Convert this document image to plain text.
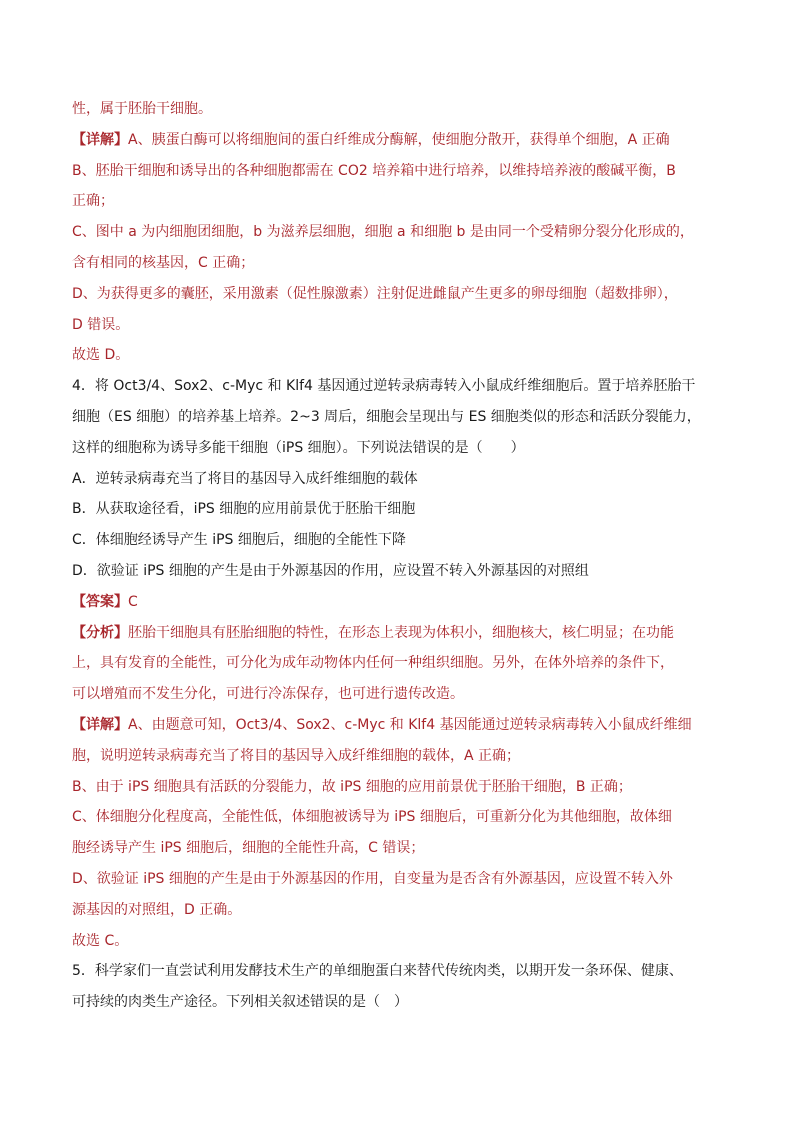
性，属于胚胎干细胞。
【详解】A、胰蛋白酶可以将细胞间的蛋白纤维成分酶解，使细胞分散开，获得单个细胞，A 正确
B、胚胎干细胞和诱导出的各种细胞都需在 CO2 培养箱中进行培养，以维持培养液的酸碱平衡，B
正确；
C、图中 a 为内细胞团细胞，b 为滋养层细胞，细胞 a 和细胞 b 是由同一个受精卵分裂分化形成的，
含有相同的核基因，C 正确；
D、为获得更多的囊胚，采用激素（促性腺激素）注射促进雌鼠产生更多的卵母细胞（超数排卵），
D 错误。
故选 D。
4．将 Oct3/4、Sox2、c-Myc 和 Klf4 基因通过逆转录病毒转入小鼠成纤维细胞后。置于培养胚胎干
细胞（ES 细胞）的培养基上培养。2~3 周后，细胞会呈现出与 ES 细胞类似的形态和活跃分裂能力，
这样的细胞称为诱导多能干细胞（iPS 细胞）。下列说法错误的是（　　）
A．逆转录病毒充当了将目的基因导入成纤维细胞的载体
B．从获取途径看，iPS 细胞的应用前景优于胚胎干细胞
C．体细胞经诱导产生 iPS 细胞后，细胞的全能性下降
D．欲验证 iPS 细胞的产生是由于外源基因的作用，应设置不转入外源基因的对照组
【答案】C
【分析】胚胎干细胞具有胚胎细胞的特性，在形态上表现为体积小，细胞核大，核仁明显；在功能
上，具有发育的全能性，可分化为成年动物体内任何一种组织细胞。另外，在体外培养的条件下，
可以增殖而不发生分化，可进行冷冻保存，也可进行遗传改造。
【详解】A、由题意可知，Oct3/4、Sox2、c-Myc 和 Klf4 基因能通过逆转录病毒转入小鼠成纤维细
胞，说明逆转录病毒充当了将目的基因导入成纤维细胞的载体，A 正确；
B、由于 iPS 细胞具有活跃的分裂能力，故 iPS 细胞的应用前景优于胚胎干细胞，B 正确；
C、体细胞分化程度高，全能性低，体细胞被诱导为 iPS 细胞后，可重新分化为其他细胞，故体细
胞经诱导产生 iPS 细胞后，细胞的全能性升高，C 错误；
D、欲验证 iPS 细胞的产生是由于外源基因的作用，自变量为是否含有外源基因，应设置不转入外
源基因的对照组，D 正确。
故选 C。
5．科学家们一直尝试利用发酵技术生产的单细胞蛋白来替代传统肉类，以期开发一条环保、健康、
可持续的肉类生产途径。下列相关叙述错误的是（　）
